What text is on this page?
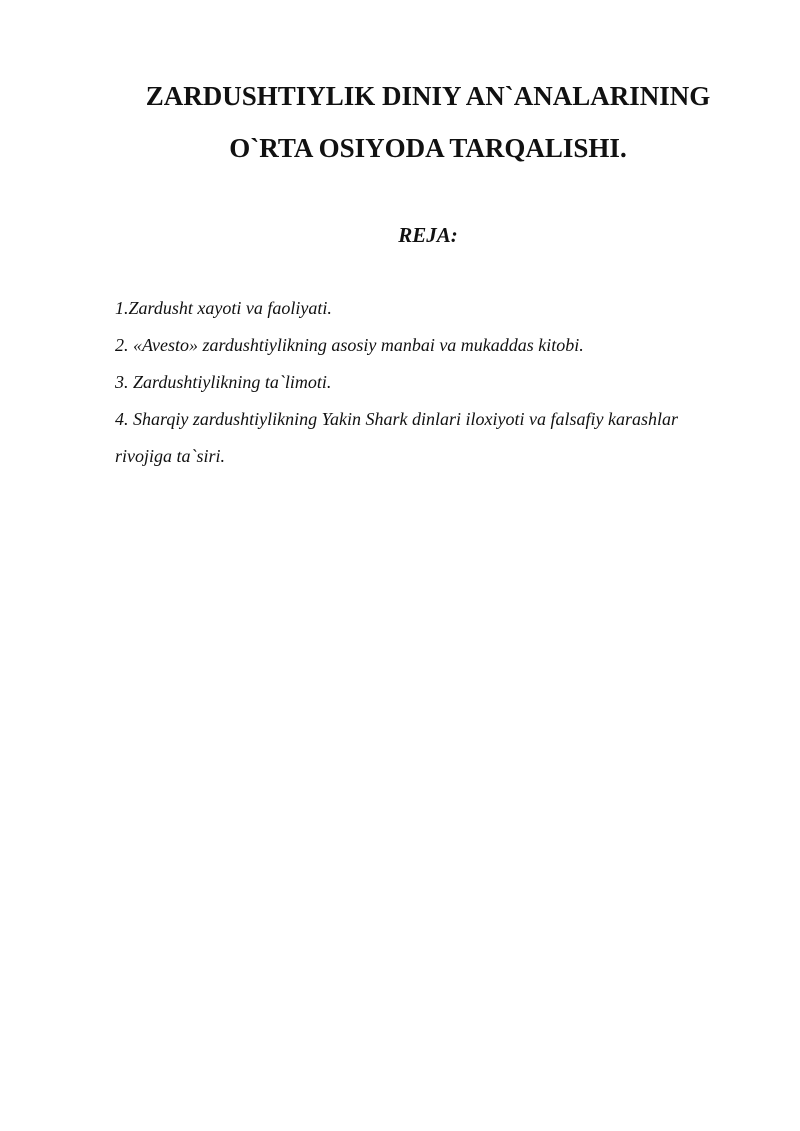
ZARDUSHTIYLIK DINIY AN`ANALARINING
O`RTA OSIYODA TARQALISHI.
REJA:
1.Zardusht xayoti va faoliyati.
2. «Avesto» zardushtiylikning asosiy manbai va mukaddas kitobi.
3. Zardushtiylikning ta`limoti.
4. Sharqiy zardushtiylikning Yakin Shark dinlari iloxiyoti va falsafiy karashlar rivojiga ta`siri.
